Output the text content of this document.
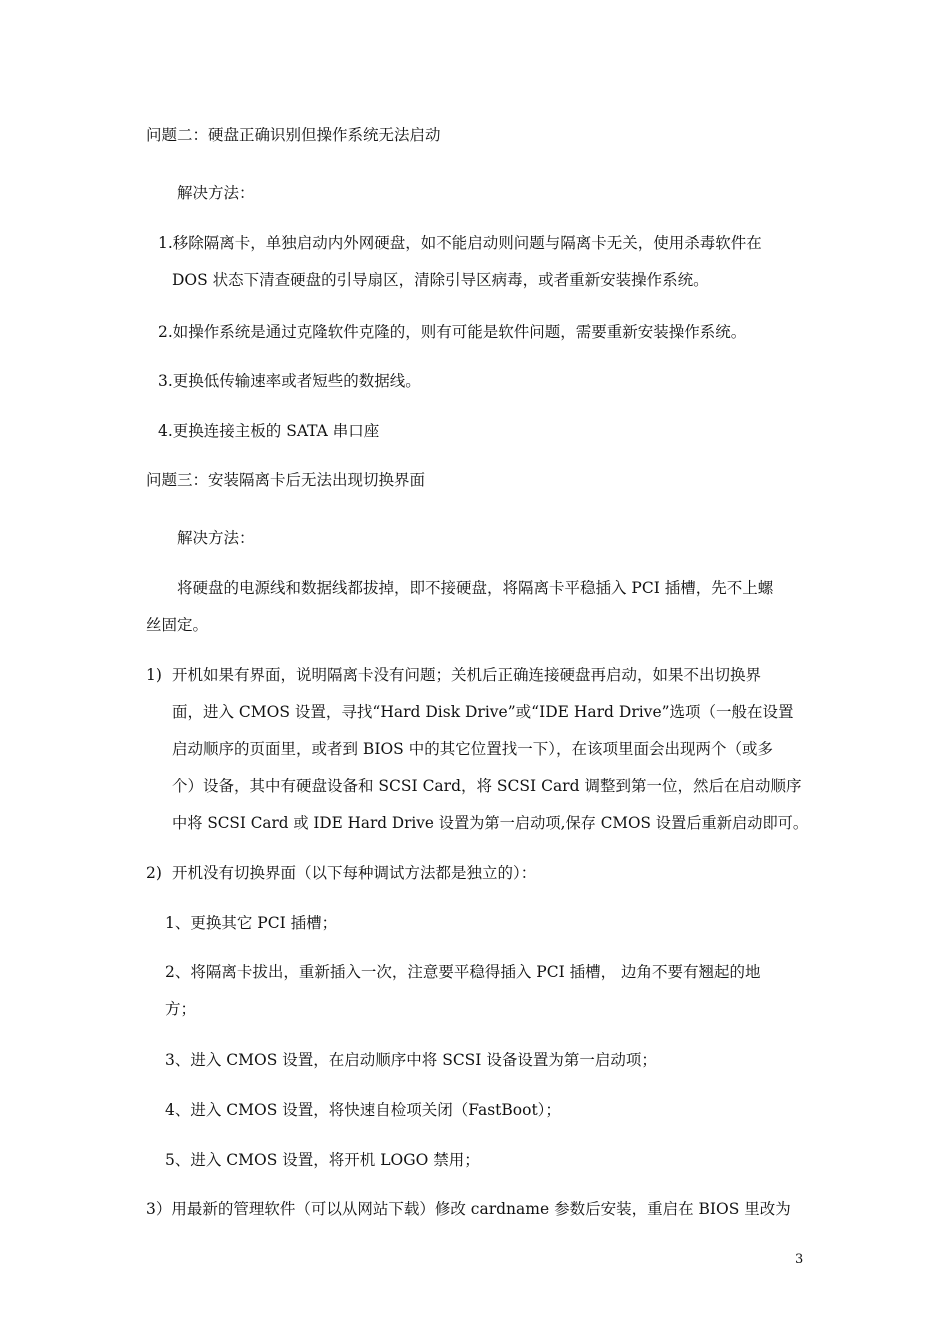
问题二：硬盘正确识别但操作系统无法启动

解决方法：

1.移除隔离卡，单独启动内外网硬盘，如不能启动则问题与隔离卡无关，使用杀毒软件在

DOS 状态下清查硬盘的引导扇区，清除引导区病毒，或者重新安装操作系统。

2.如操作系统是通过克隆软件克隆的，则有可能是软件问题，需要重新安装操作系统。

3.更换低传输速率或者短些的数据线。

4.更换连接主板的 SATA 串口座

问题三：安装隔离卡后无法出现切换界面

解决方法：

将硬盘的电源线和数据线都拔掉，即不接硬盘，将隔离卡平稳插入 PCI 插槽，先不上螺

丝固定。

1) 开机如果有界面，说明隔离卡没有问题；关机后正确连接硬盘再启动，如果不出切换界

面，进入 CMOS 设置，寻找“Hard Disk Drive”或“IDE Hard Drive”选项（一般在设置

启动顺序的页面里，或者到 BIOS 中的其它位置找一下），在该项里面会出现两个（或多

个）设备，其中有硬盘设备和 SCSI Card，将 SCSI Card 调整到第一位，然后在启动顺序

中将 SCSI Card 或 IDE Hard Drive 设置为第一启动项,保存 CMOS 设置后重新启动即可。

2) 开机没有切换界面（以下每种调试方法都是独立的）：

1、更换其它 PCI 插槽；

2、将隔离卡拔出，重新插入一次，注意要平稳得插入 PCI 插槽， 边角不要有翘起的地

方；

3、进入 CMOS 设置，在启动顺序中将 SCSI 设备设置为第一启动项；

4、进入 CMOS 设置，将快速自检项关闭（FastBoot）；

5、进入 CMOS 设置，将开机 LOGO 禁用；

3）用最新的管理软件（可以从网站下载）修改 cardname 参数后安装，重启在 BIOS 里改为

3
